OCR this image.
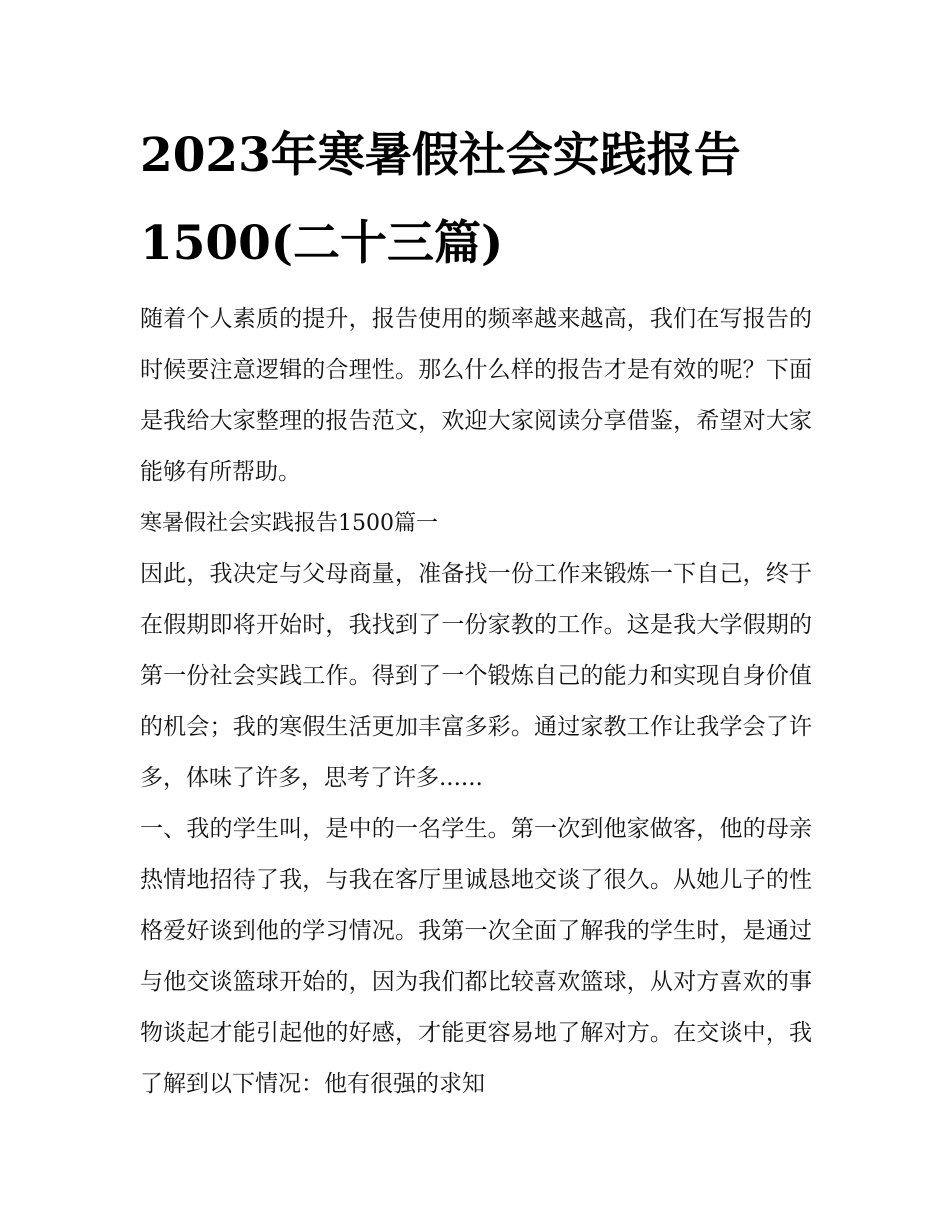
2023年寒暑假社会实践报告
1500(二十三篇)

随着个人素质的提升，报告使用的频率越来越高，我们在写报告的时候要注意逻辑的合理性。那么什么样的报告才是有效的呢？下面是我给大家整理的报告范文，欢迎大家阅读分享借鉴，希望对大家能够有所帮助。

寒暑假社会实践报告1500篇一

因此，我决定与父母商量，准备找一份工作来锻炼一下自己，终于在假期即将开始时，我找到了一份家教的工作。这是我大学假期的第一份社会实践工作。得到了一个锻炼自己的能力和实现自身价值的机会；我的寒假生活更加丰富多彩。通过家教工作让我学会了许多，体味了许多，思考了许多......

一、我的学生叫，是中的一名学生。第一次到他家做客，他的母亲热情地招待了我，与我在客厅里诚恳地交谈了很久。从她儿子的性格爱好谈到他的学习情况。我第一次全面了解我的学生时，是通过与他交谈篮球开始的，因为我们都比较喜欢篮球，从对方喜欢的事物谈起才能引起他的好感，才能更容易地了解对方。在交谈中，我了解到以下情况：他有很强的求知
